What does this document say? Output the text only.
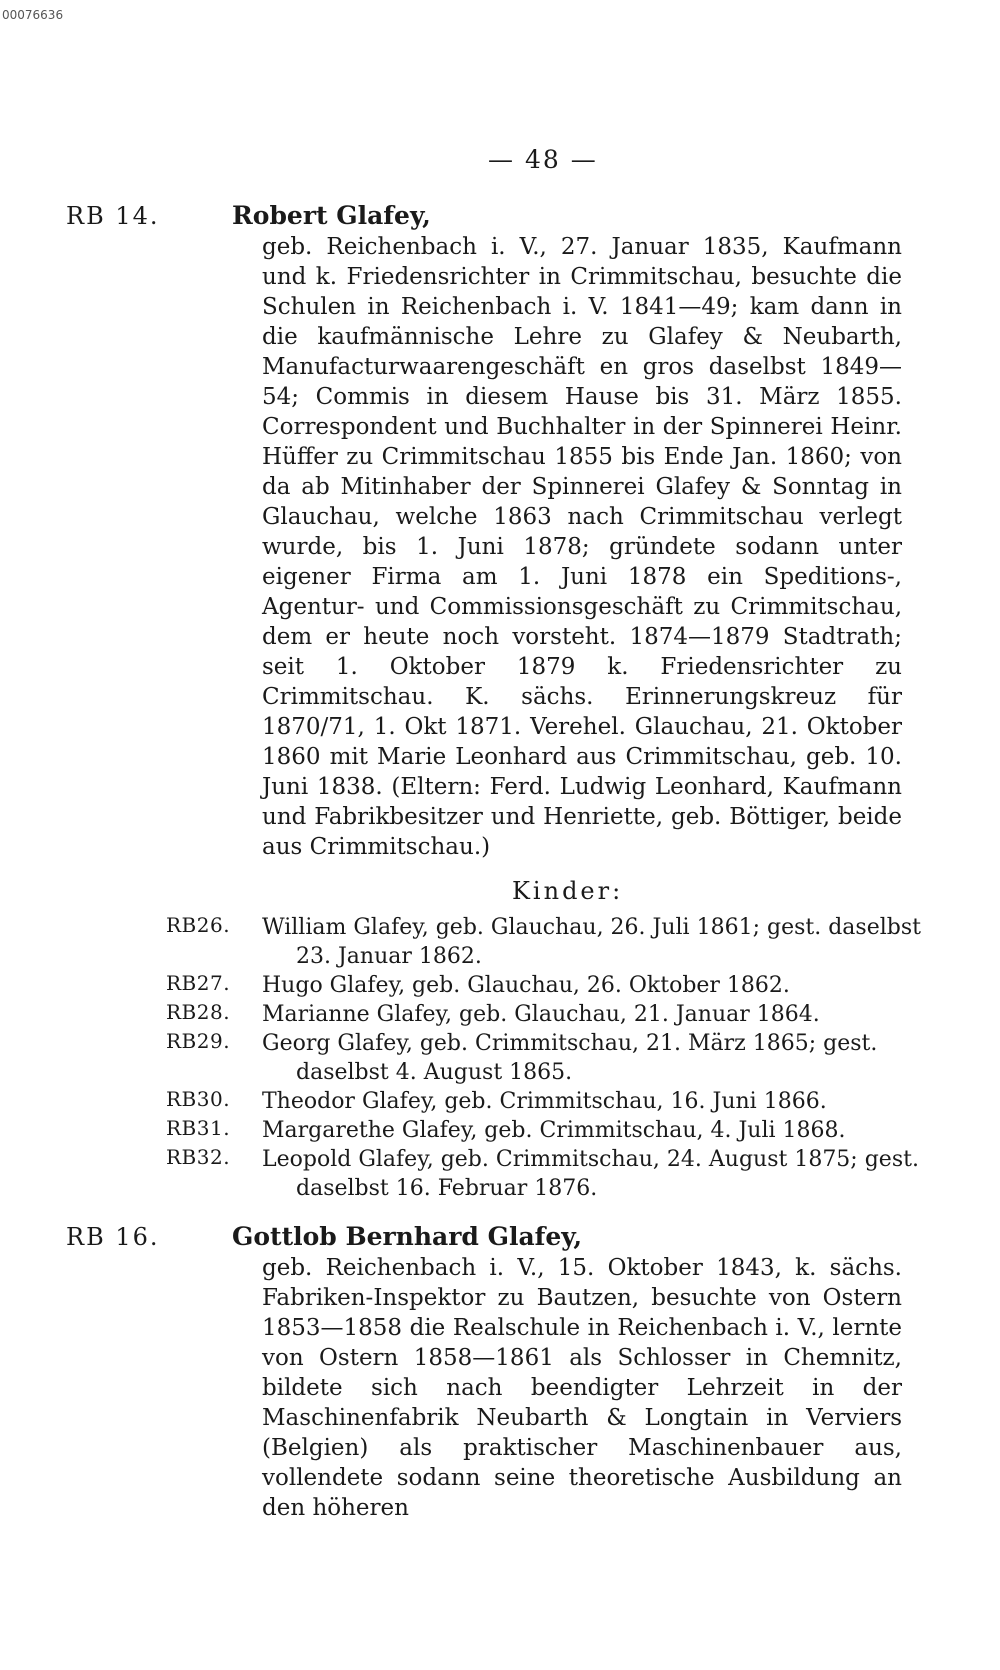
00076636
— 48 —
RB 14.	Robert Glafey,

geb. Reichenbach i. V., 27. Januar 1835, Kaufmann und k. Friedensrichter in Crimmitschau, besuchte die Schulen in Reichenbach i. V. 1841—49; kam dann in die kaufmännische Lehre zu Glafey & Neubarth, Manufacturwaarengeschäft en gros daselbst 1849—54; Commis in diesem Hause bis 31. März 1855. Correspondent und Buchhalter in der Spinnerei Heinr. Hüffer zu Crimmitschau 1855 bis Ende Jan. 1860; von da ab Mitinhaber der Spinnerei Glafey & Sonntag in Glauchau, welche 1863 nach Crimmitschau verlegt wurde, bis 1. Juni 1878; gründete sodann unter eigener Firma am 1. Juni 1878 ein Speditions-, Agentur- und Commissionsgeschäft zu Crimmitschau, dem er heute noch vorsteht. 1874—1879 Stadtrath; seit 1. Oktober 1879 k. Friedensrichter zu Crimmitschau. K. sächs. Erinnerungskreuz für 1870/71, 1. Okt 1871. Verehel. Glauchau, 21. Oktober 1860 mit Marie Leonhard aus Crimmitschau, geb. 10. Juni 1838. (Eltern: Ferd. Ludwig Leonhard, Kaufmann und Fabrikbesitzer und Henriette, geb. Böttiger, beide aus Crimmitschau.)

Kinder:
RB26. William Glafey, geb. Glauchau, 26. Juli 1861; gest. daselbst 23. Januar 1862.

RB27. Hugo Glafey, geb. Glauchau, 26. Oktober 1862.

RB28. Marianne Glafey, geb. Glauchau, 21. Januar 1864.

RB29. Georg Glafey, geb. Crimmitschau, 21. März 1865; gest. daselbst 4. August 1865.

RB30. Theodor Glafey, geb. Crimmitschau, 16. Juni 1866.

RB31. Margarethe Glafey, geb. Crimmitschau, 4. Juli 1868.

RB32. Leopold Glafey, geb. Crimmitschau, 24. August 1875; gest. daselbst 16. Februar 1876.

RB 16.	Gottlob Bernhard Glafey,

geb. Reichenbach i. V., 15. Oktober 1843, k. sächs. Fabriken-Inspektor zu Bautzen, besuchte von Ostern 1853—1858 die Realschule in Reichenbach i. V., lernte von Ostern 1858—1861 als Schlosser in Chemnitz, bildete sich nach beendigter Lehrzeit in der Maschinenfabrik Neubarth & Longtain in Verviers (Belgien) als praktischer Maschinenbauer aus, vollendete sodann seine theoretische Ausbildung an den höheren
